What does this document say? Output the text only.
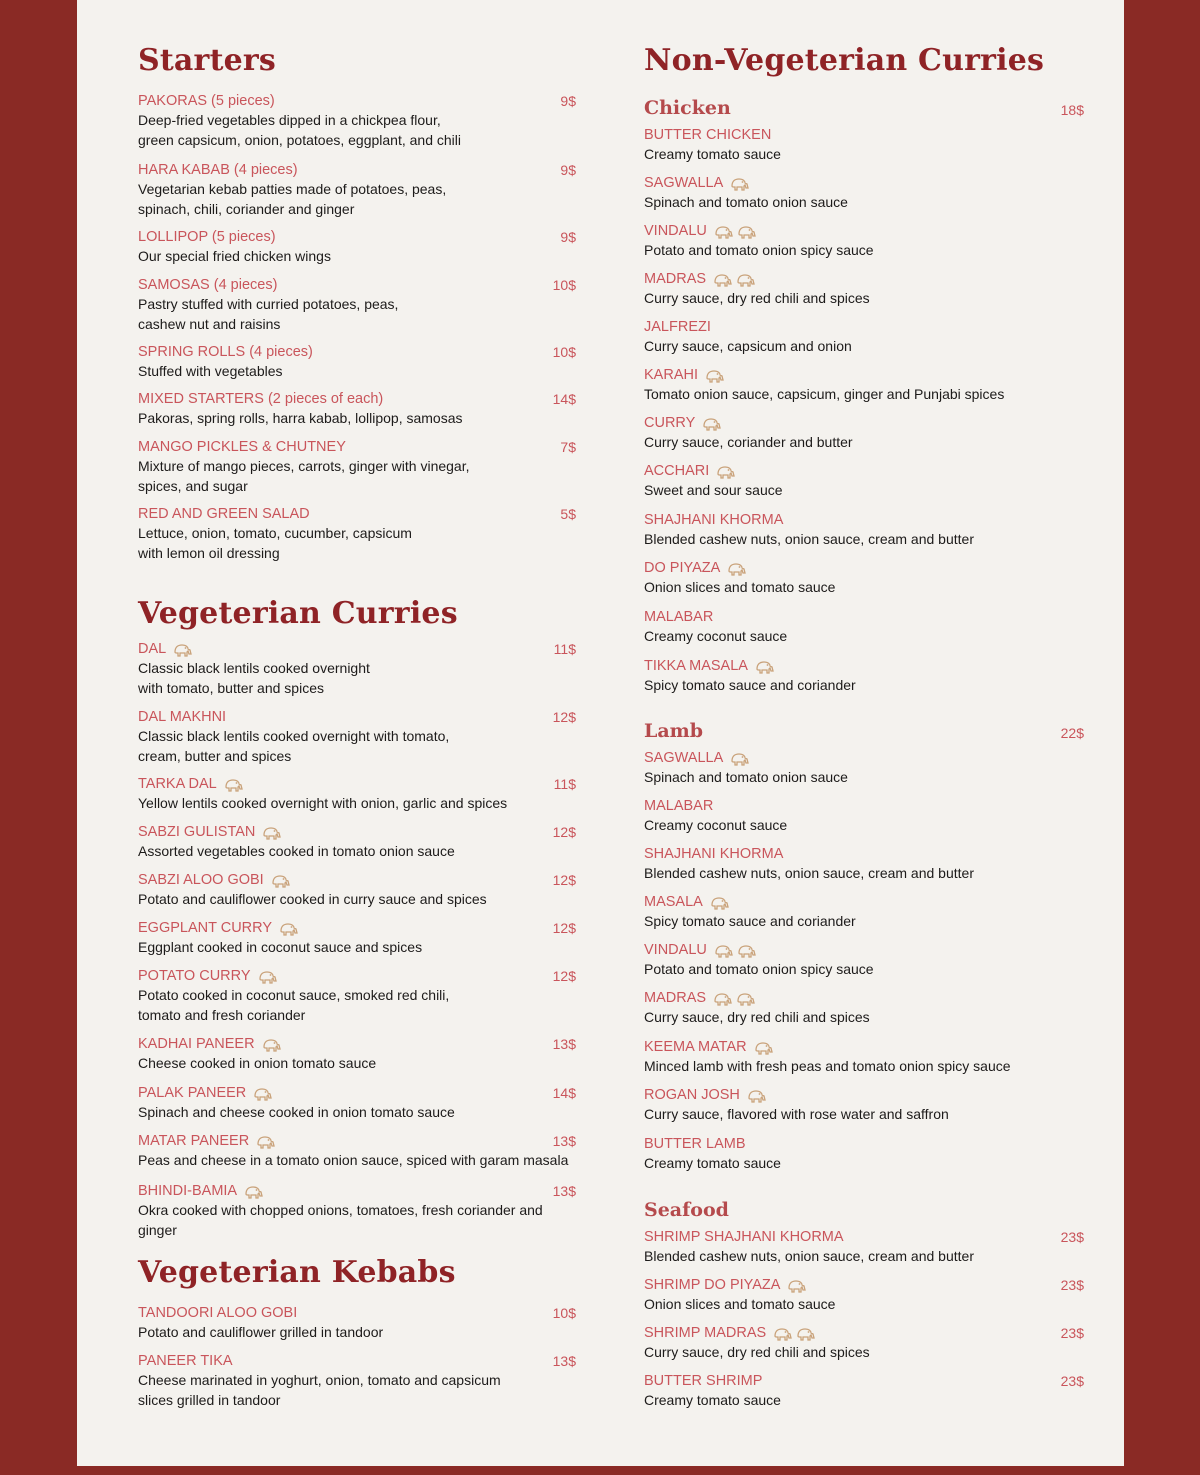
Starters
PAKORAS (5 pieces)	9$
Deep-fried vegetables dipped in a chickpea flour,
green capsicum, onion, potatoes, eggplant, and chili
HARA KABAB (4 pieces)	9$
Vegetarian kebab patties made of potatoes, peas,
spinach, chili, coriander and ginger
LOLLIPOP (5 pieces)	9$
Our special fried chicken wings
SAMOSAS (4 pieces)	10$
Pastry stuffed with curried potatoes, peas,
cashew nut and raisins
SPRING ROLLS (4 pieces)	10$
Stuffed with vegetables
MIXED STARTERS (2 pieces of each)	14$
Pakoras, spring rolls, harra kabab, lollipop, samosas
MANGO PICKLES & CHUTNEY	7$
Mixture of mango pieces, carrots, ginger with vinegar,
spices, and sugar
RED AND GREEN SALAD	5$
Lettuce, onion, tomato, cucumber, capsicum
with lemon oil dressing
Vegeterian Curries
DAL	11$
Classic black lentils cooked overnight
with tomato, butter and spices
DAL MAKHNI	12$
Classic black lentils cooked overnight with tomato,
cream, butter and spices
TARKA DAL	11$
Yellow lentils cooked overnight with onion, garlic and spices
SABZI GULISTAN	12$
Assorted vegetables cooked in tomato onion sauce
SABZI ALOO GOBI	12$
Potato and cauliflower cooked in curry sauce and spices
EGGPLANT CURRY	12$
Eggplant cooked in coconut sauce and spices
POTATO CURRY	12$
Potato cooked in coconut sauce, smoked red chili,
tomato and fresh coriander
KADHAI PANEER	13$
Cheese cooked in onion tomato sauce
PALAK PANEER	14$
Spinach and cheese cooked in onion tomato sauce
MATAR PANEER	13$
Peas and cheese in a tomato onion sauce, spiced with garam masala
BHINDI-BAMIA	13$
Okra cooked with chopped onions, tomatoes, fresh coriander and ginger
Vegeterian Kebabs
TANDOORI ALOO GOBI	10$
Potato and cauliflower grilled in tandoor
PANEER TIKA	13$
Cheese marinated in yoghurt, onion, tomato and capsicum
slices grilled in tandoor
Non-Vegeterian Curries
Chicken	18$
BUTTER CHICKEN
Creamy tomato sauce
SAGWALLA
Spinach and tomato onion sauce
VINDALU
Potato and tomato onion spicy sauce
MADRAS
Curry sauce, dry red chili and spices
JALFREZI
Curry sauce, capsicum and onion
KARAHI
Tomato onion sauce, capsicum, ginger and Punjabi spices
CURRY
Curry sauce, coriander and butter
ACCHARI
Sweet and sour sauce
SHAJHANI KHORMA
Blended cashew nuts, onion sauce, cream and butter
DO PIYAZA
Onion slices and tomato sauce
MALABAR
Creamy coconut sauce
TIKKA MASALA
Spicy tomato sauce and coriander
Lamb	22$
SAGWALLA
Spinach and tomato onion sauce
MALABAR
Creamy coconut sauce
SHAJHANI KHORMA
Blended cashew nuts, onion sauce, cream and butter
MASALA
Spicy tomato sauce and coriander
VINDALU
Potato and tomato onion spicy sauce
MADRAS
Curry sauce, dry red chili and spices
KEEMA MATAR
Minced lamb with fresh peas and tomato onion spicy sauce
ROGAN JOSH
Curry sauce, flavored with rose water and saffron
BUTTER LAMB
Creamy tomato sauce
Seafood
SHRIMP SHAJHANI KHORMA	23$
Blended cashew nuts, onion sauce, cream and butter
SHRIMP DO PIYAZA	23$
Onion slices and tomato sauce
SHRIMP MADRAS	23$
Curry sauce, dry red chili and spices
BUTTER SHRIMP	23$
Creamy tomato sauce
